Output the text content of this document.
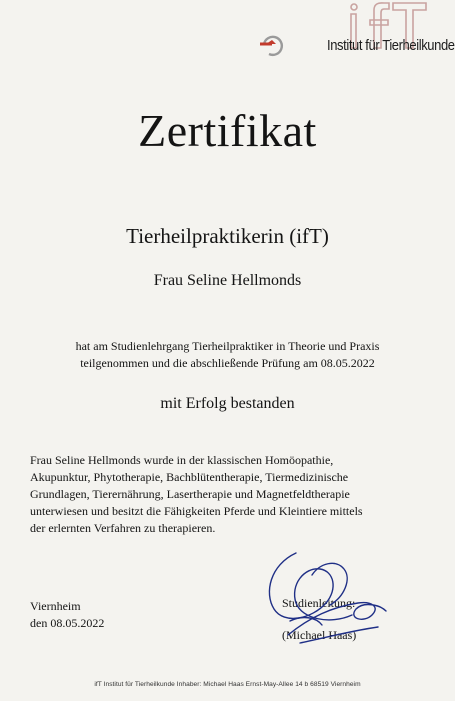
Institut für Tierheilkunde
Zertifikat
Tierheilpraktikerin (ifT)
Frau Seline Hellmonds
hat am Studienlehrgang Tierheilpraktiker in Theorie und Praxis
teilgenommen und die abschließende Prüfung am 08.05.2022
mit Erfolg bestanden
Frau Seline Hellmonds wurde in der klassischen Homöopathie,
Akupunktur, Phytotherapie, Bachblütentherapie, Tiermedizinische
Grundlagen, Tierernährung, Lasertherapie und Magnetfeldtherapie
unterwiesen und besitzt die Fähigkeiten Pferde und Kleintiere mittels
der erlernten Verfahren zu therapieren.
Viernheim
den 08.05.2022
Studienleitung:
(Michael Haas)
ifT Institut für Tierheilkunde Inhaber: Michael Haas Ernst-May-Allee 14 b 68519 Viernheim
